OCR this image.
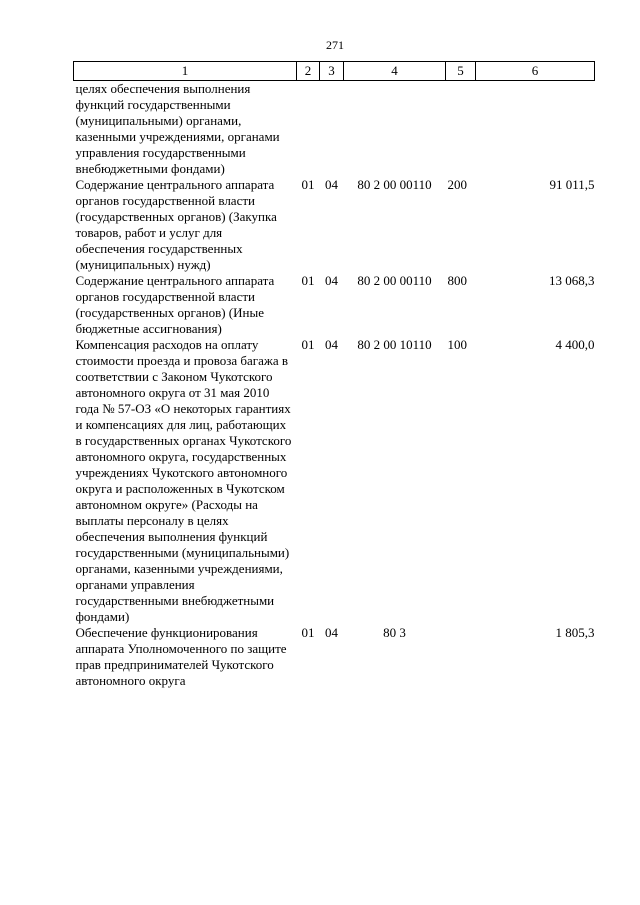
271
1	2	3	4	5	6
целях обеспечения выполнения функций государственными (муниципальными) органами, казенными учреждениями, органами управления государственными внебюджетными фондами)					
Содержание центрального аппарата органов государственной власти (государственных органов) (Закупка товаров, работ и услуг для обеспечения государственных (муниципальных) нужд)	01	04	80 2 00 00110	200	91 011,5
Содержание центрального аппарата органов государственной власти (государственных органов) (Иные бюджетные ассигнования)	01	04	80 2 00 00110	800	13 068,3
Компенсация расходов на оплату стоимости проезда и провоза багажа в соответствии с Законом Чукотского автономного округа от 31 мая 2010 года № 57-ОЗ «О некоторых гарантиях и компенсациях для лиц, работающих в государственных органах Чукотского автономного округа, государственных учреждениях Чукотского автономного округа и расположенных в Чукотском автономном округе» (Расходы на выплаты персоналу в целях обеспечения выполнения функций государственными (муниципальными) органами, казенными учреждениями, органами управления государственными внебюджетными фондами)	01	04	80 2 00 10110	100	4 400,0
Обеспечение функционирования аппарата Уполномоченного по защите прав предпринимателей Чукотского автономного округа	01	04	80 3		1 805,3
